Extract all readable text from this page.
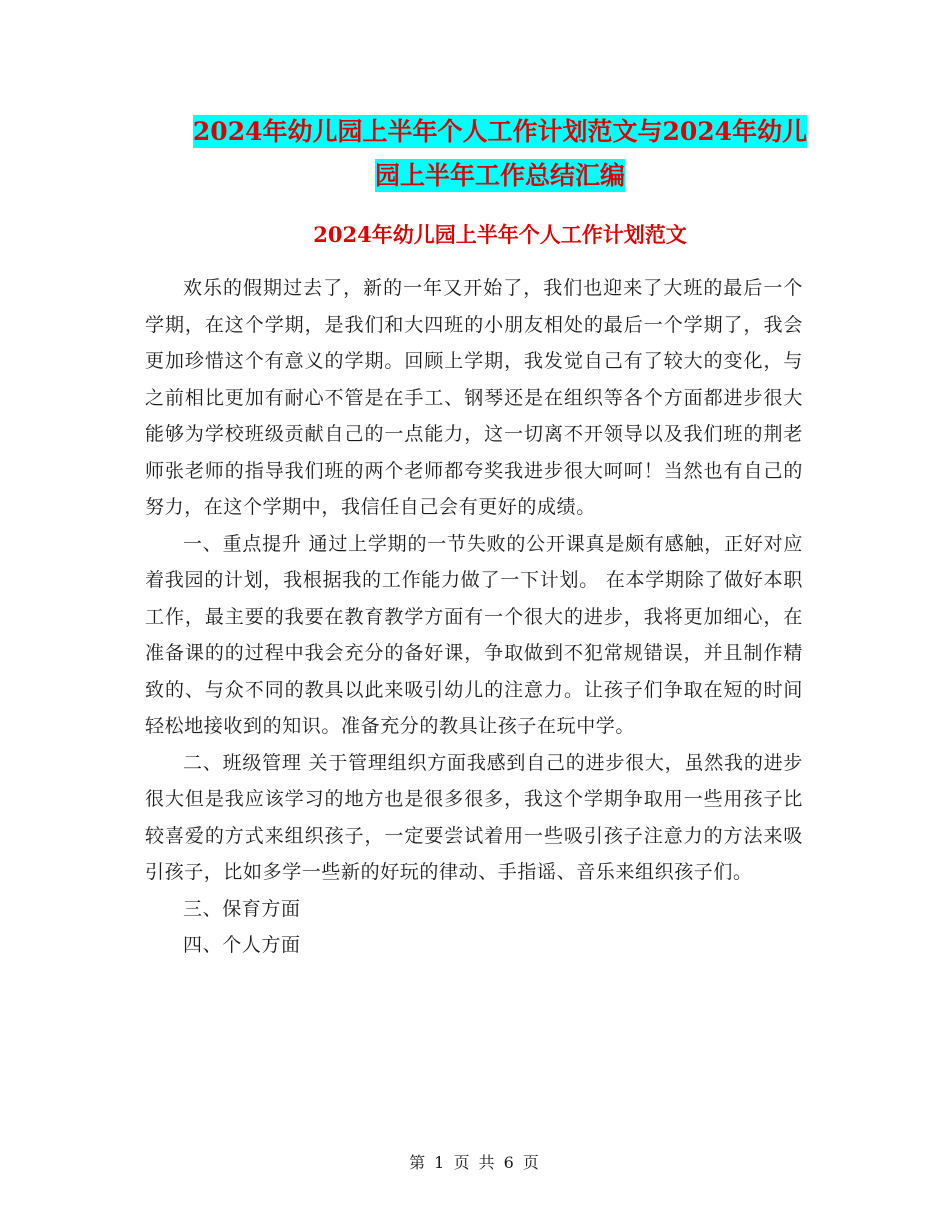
2024年幼儿园上半年个人工作计划范文与2024年幼儿
园上半年工作总结汇编
2024年幼儿园上半年个人工作计划范文

欢乐的假期过去了，新的一年又开始了，我们也迎来了大班的最后一个学期，在这个学期，是我们和大四班的小朋友相处的最后一个学期了，我会更加珍惜这个有意义的学期。回顾上学期，我发觉自己有了较大的变化，与之前相比更加有耐心不管是在手工、钢琴还是在组织等各个方面都进步很大能够为学校班级贡献自己的一点能力，这一切离不开领导以及我们班的荆老师张老师的指导我们班的两个老师都夸奖我进步很大呵呵！当然也有自己的努力，在这个学期中，我信任自己会有更好的成绩。

一、重点提升 通过上学期的一节失败的公开课真是颇有感触，正好对应着我园的计划，我根据我的工作能力做了一下计划。 在本学期除了做好本职工作，最主要的我要在教育教学方面有一个很大的进步，我将更加细心，在准备课的的过程中我会充分的备好课，争取做到不犯常规错误，并且制作精致的、与众不同的教具以此来吸引幼儿的注意力。让孩子们争取在短的时间轻松地接收到的知识。准备充分的教具让孩子在玩中学。

二、班级管理 关于管理组织方面我感到自己的进步很大，虽然我的进步很大但是我应该学习的地方也是很多很多，我这个学期争取用一些用孩子比较喜爱的方式来组织孩子，一定要尝试着用一些吸引孩子注意力的方法来吸引孩子，比如多学一些新的好玩的律动、手指谣、音乐来组织孩子们。

三、保育方面

四、个人方面

第 1 页 共 6 页
